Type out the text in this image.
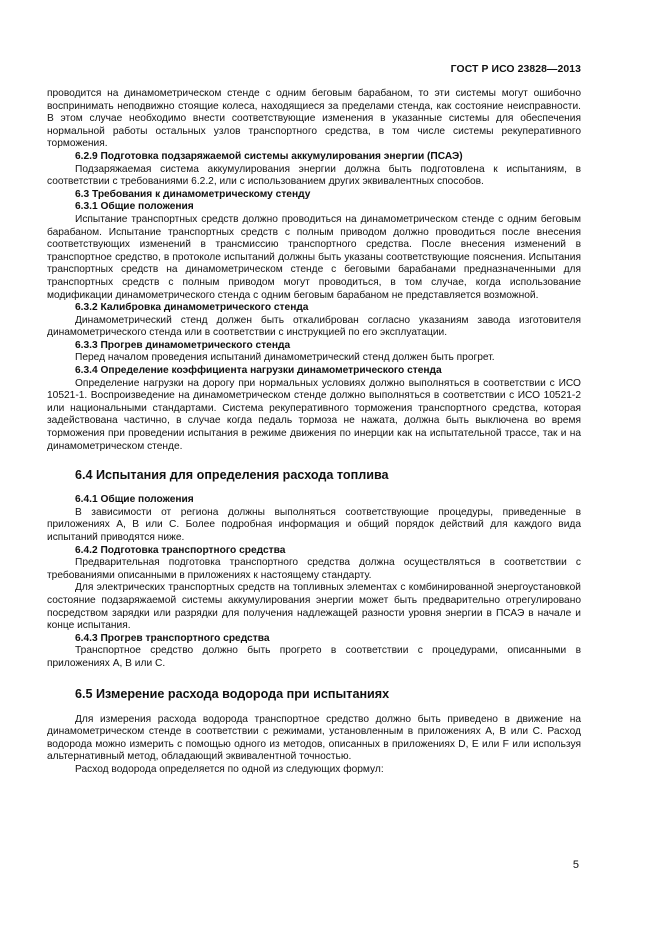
ГОСТ Р ИСО 23828—2013

проводится на динамометрическом стенде с одним беговым барабаном, то эти системы могут ошибочно воспринимать неподвижно стоящие колеса, находящиеся за пределами стенда, как состояние неисправности. В этом случае необходимо внести соответствующие изменения в указанные системы для обеспечения нормальной работы остальных узлов транспортного средства, в том числе системы рекуперативного торможения.

6.2.9 Подготовка подзаряжаемой системы аккумулирования энергии (ПСАЭ)

Подзаряжаемая система аккумулирования энергии должна быть подготовлена к испытаниям, в соответствии с требованиями 6.2.2, или с использованием других эквивалентных способов.

6.3 Требования к динамометрическому стенду
6.3.1 Общие положения

Испытание транспортных средств должно проводиться на динамометрическом стенде с одним беговым барабаном. Испытание транспортных средств с полным приводом должно проводиться после внесения соответствующих изменений в трансмиссию транспортного средства. После внесения изменений в транспортное средство, в протоколе испытаний должны быть указаны соответствующие пояснения. Испытания транспортных средств на динамометрическом стенде с беговыми барабанами предназначенными для транспортных средств с полным приводом могут проводиться, в том случае, когда использование модификации динамометрического стенда с одним беговым барабаном не представляется возможной.

6.3.2 Калибровка динамометрического стенда

Динамометрический стенд должен быть откалиброван согласно указаниям завода изготовителя динамометрического стенда или в соответствии с инструкцией по его эксплуатации.

6.3.3 Прогрев динамометрического стенда

Перед началом проведения испытаний динамометрический стенд должен быть прогрет.

6.3.4 Определение коэффициента нагрузки динамометрического стенда

Определение нагрузки на дорогу при нормальных условиях должно выполняться в соответствии с ИСО 10521-1. Воспроизведение на динамометрическом стенде должно выполняться в соответствии с ИСО 10521-2 или национальными стандартами. Система рекуперативного торможения транспортного средства, которая задействована частично, в случае когда педаль тормоза не нажата, должна быть выключена во время торможения при проведении испытания в режиме движения по инерции как на испытательной трассе, так и на динамометрическом стенде.

6.4 Испытания для определения расхода топлива
6.4.1 Общие положения

В зависимости от региона должны выполняться соответствующие процедуры, приведенные в приложениях А, В или С. Более подробная информация и общий порядок действий для каждого вида испытаний приводятся ниже.

6.4.2 Подготовка транспортного средства

Предварительная подготовка транспортного средства должна осуществляться в соответствии с требованиями описанными в приложениях к настоящему стандарту.

Для электрических транспортных средств на топливных элементах с комбинированной энергоустановкой состояние подзаряжаемой системы аккумулирования энергии может быть предварительно отрегулировано посредством зарядки или разрядки для получения надлежащей разности уровня энергии в ПСАЭ в начале и конце испытания.

6.4.3 Прогрев транспортного средства

Транспортное средство должно быть прогрето в соответствии с процедурами, описанными в приложениях А, В или С.

6.5 Измерение расхода водорода при испытаниях

Для измерения расхода водорода транспортное средство должно быть приведено в движение на динамометрическом стенде в соответствии с режимами, установленным в приложениях А, В или С. Расход водорода можно измерить с помощью одного из методов, описанных в приложениях D, Е или F или используя альтернативный метод, обладающий эквивалентной точностью.

Расход водорода определяется по одной из следующих формул:

5
